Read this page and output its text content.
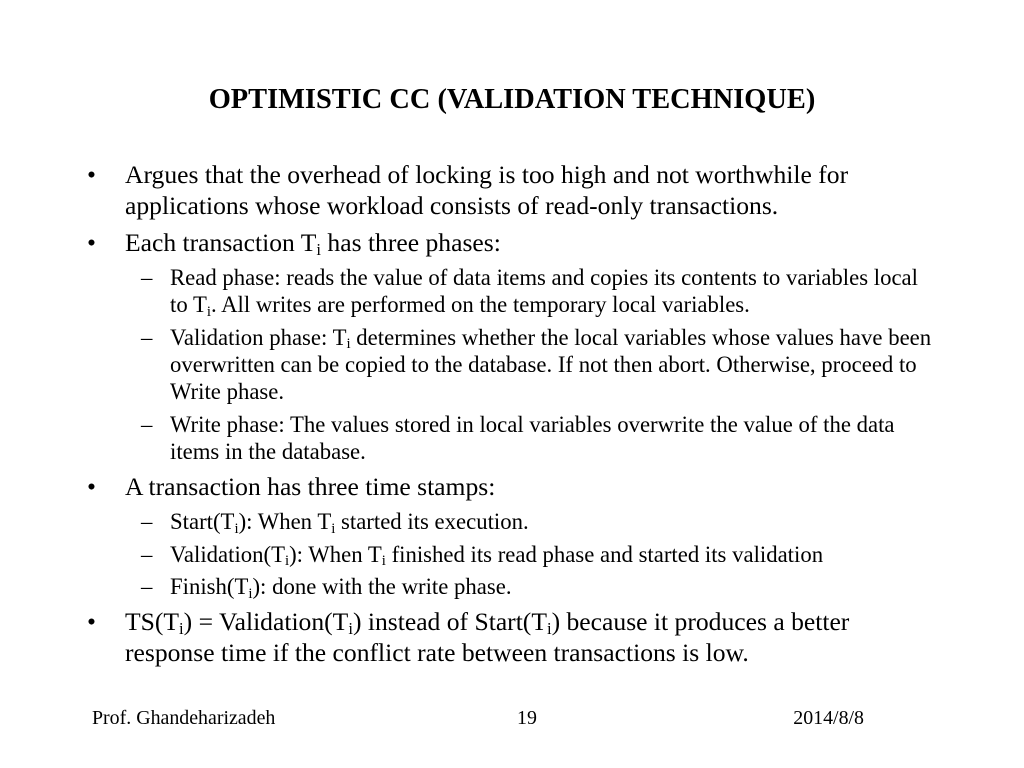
OPTIMISTIC CC (VALIDATION TECHNIQUE)
• Argues that the overhead of locking is too high and not worthwhile for
applications whose workload consists of read-only transactions.
• Each transaction Ti has three phases:
– Read phase: reads the value of data items and copies its contents to variables local
to Ti. All writes are performed on the temporary local variables.
– Validation phase: Ti determines whether the local variables whose values have been
overwritten can be copied to the database. If not then abort. Otherwise, proceed to
Write phase.
– Write phase: The values stored in local variables overwrite the value of the data
items in the database.
• A transaction has three time stamps:
– Start(Ti): When Ti started its execution.
– Validation(Ti): When Ti finished its read phase and started its validation
– Finish(Ti): done with the write phase.
• TS(Ti) = Validation(Ti) instead of Start(Ti) because it produces a better
response time if the conflict rate between transactions is low.
Prof. Ghandeharizadeh	19	2014/8/8
